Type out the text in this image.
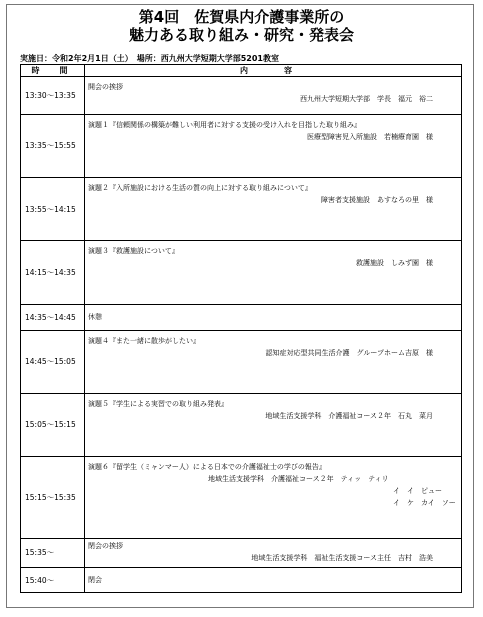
第4回　佐賀県内介護事業所の
魅力ある取り組み・研究・発表会
実施日：令和2年2月1日（土）　場所：西九州大学短期大学部5201教室
時　間	内　容
13:30～13:35	開会の挨拶
西九州大学短期大学部　学長　福元　裕二

13:35～15:55	演題１『信頼関係の構築が難しい利用者に対する支援の受け入れを目指した取り組み』
医療型障害児入所施設　若楠療育園　様

13:55～14:15	演題２『入所施設における生活の質の向上に対する取り組みについて』
障害者支援施設　あすなろの里　様

14:15～14:35	演題３『救護施設について』
救護施設　しみず園　様

14:35～14:45	休憩
14:45～15:05	演題４『また一緒に散歩がしたい』
認知症対応型共同生活介護　グループホーム吉原　様

15:05～15:15	演題５『学生による実習での取り組み発表』
地域生活支援学科　介護福祉コース２年　石丸　菜月

15:15～15:35	演題６『留学生（ミャンマー人）による日本での介護福祉士の学びの報告』
地域生活支援学科　介護福祉コース２年　ティッ　ティリ
イ　イ　ピュー
イ　ケ　カイ　ソー

15:35～	閉会の挨拶
地域生活支援学科　福祉生活支援コース主任　吉村　浩美

15:40～	閉会
